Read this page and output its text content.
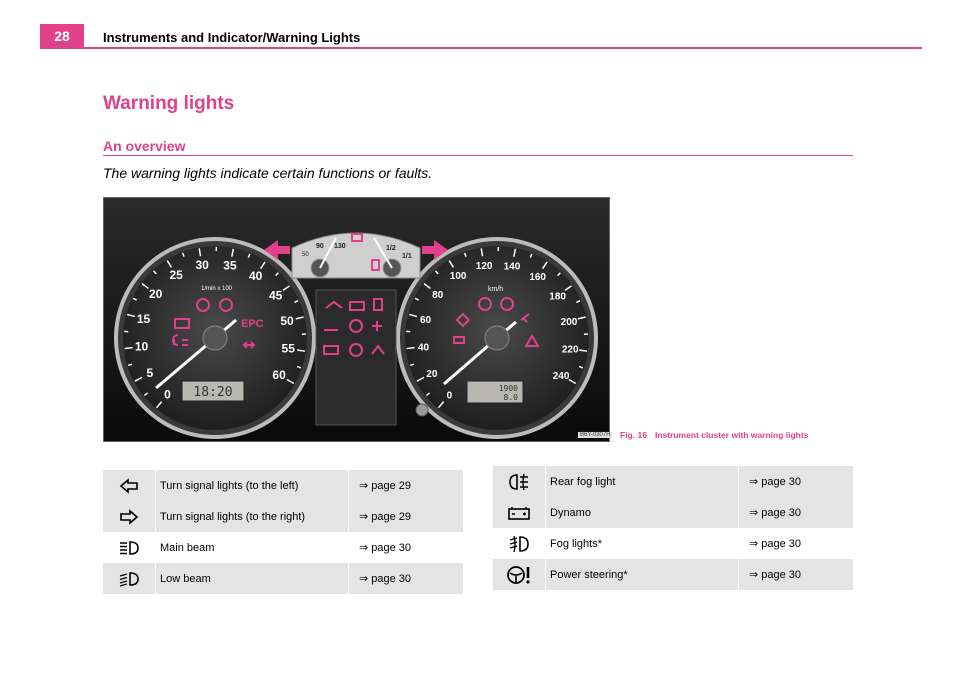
28	Instruments and Indicator/Warning Lights
Warning lights
An overview
The warning lights indicate certain functions or faults.
0
5
10
15
20
25
30 35
40
45
50
55
60
1/min x 100
18:20
EPC
0
20
40
60
80
100
120 140
160
180
200
220
240
km/h
1900
8.0
50
90 130	1/2
1/1
B6Y-0307H Fig. 16 Instrument cluster with warning lights
	Turn signal lights (to the left)	⇒ page 29
	Turn signal lights (to the right)	⇒ page 29
	Main beam	⇒ page 30
	Low beam	⇒ page 30
	Rear fog light	⇒ page 30
	Dynamo	⇒ page 30
	Fog lights*	⇒ page 30
	Power steering*	⇒ page 30
